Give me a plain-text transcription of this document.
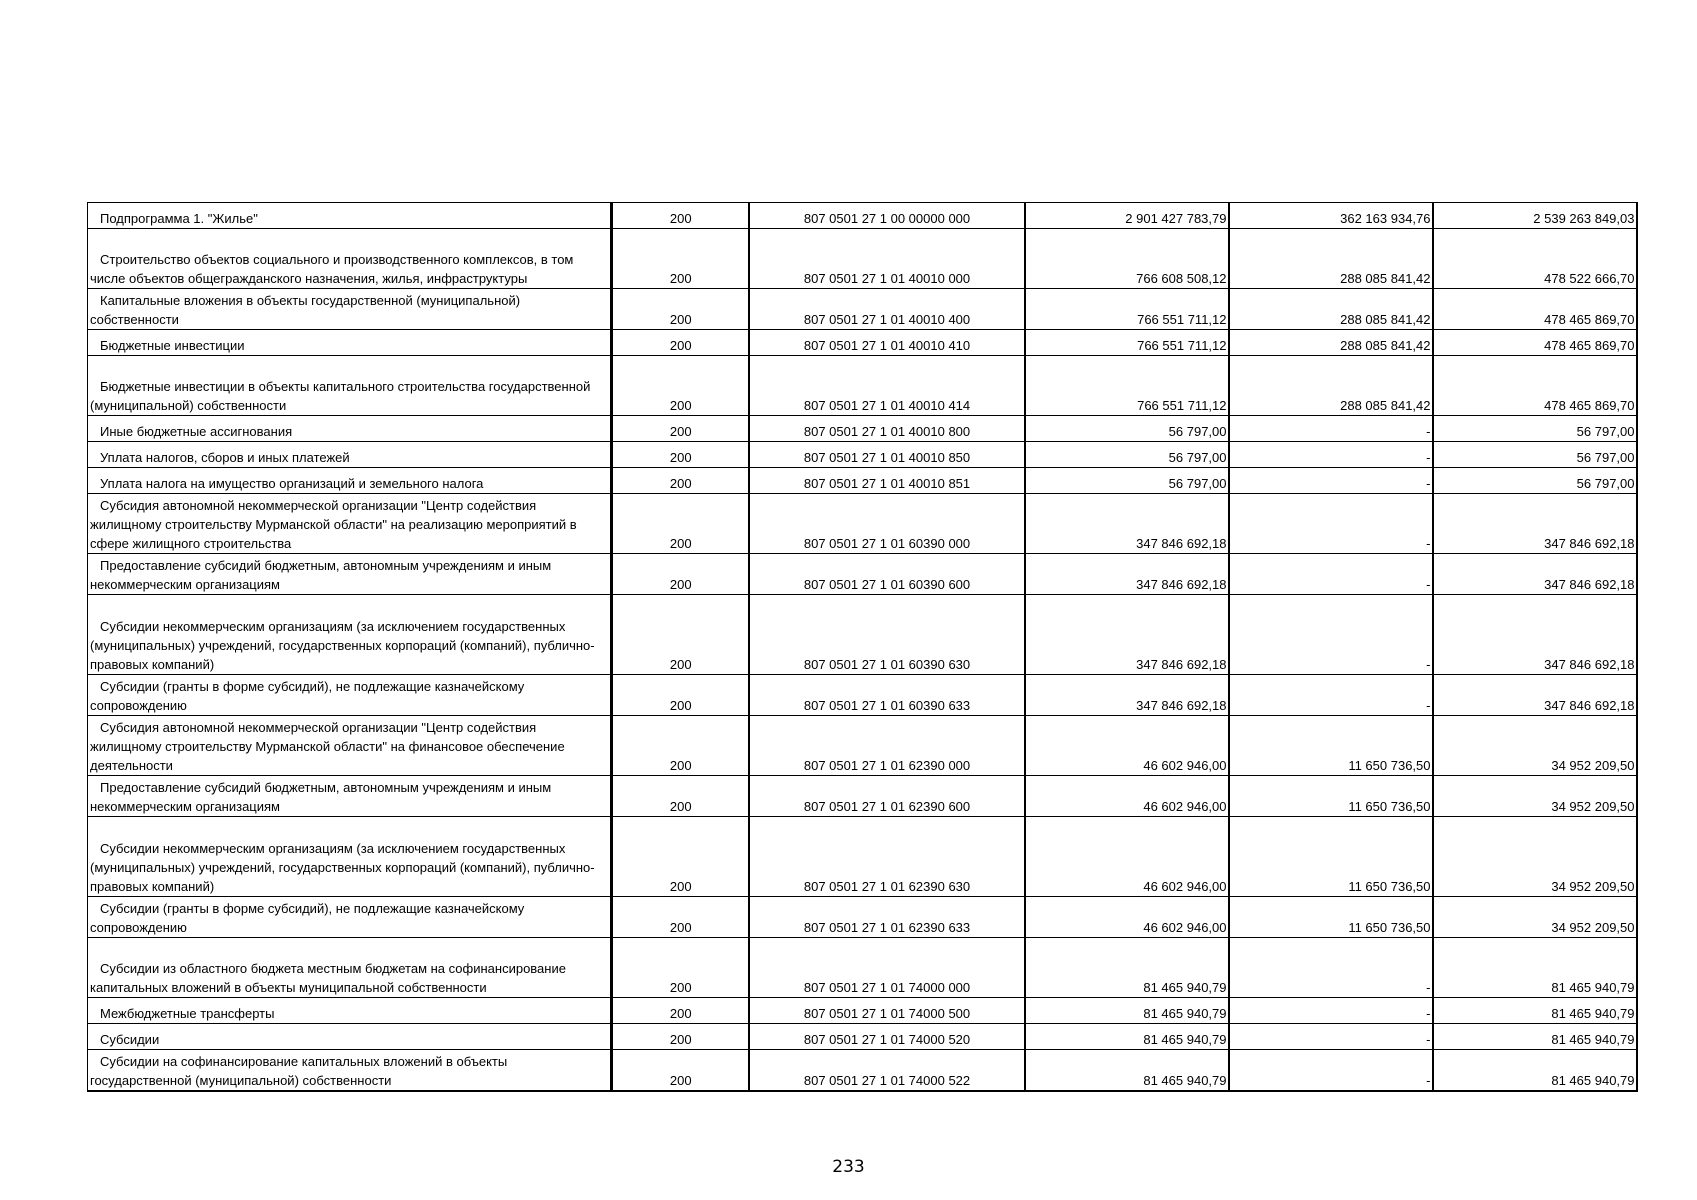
Подпрограмма 1. "Жилье"	200	807 0501 27 1 00 00000 000	2 901 427 783,79	362 163 934,76	2 539 263 849,03

Строительство объектов социального и производственного комплексов, в том числе объектов общегражданского назначения, жилья, инфраструктуры	200	807 0501 27 1 01 40010 000	766 608 508,12	288 085 841,42	478 522 666,70

Капитальные вложения в объекты государственной (муниципальной) собственности	200	807 0501 27 1 01 40010 400	766 551 711,12	288 085 841,42	478 465 869,70

Бюджетные инвестиции	200	807 0501 27 1 01 40010 410	766 551 711,12	288 085 841,42	478 465 869,70

Бюджетные инвестиции в объекты капитального строительства государственной (муниципальной) собственности	200	807 0501 27 1 01 40010 414	766 551 711,12	288 085 841,42	478 465 869,70

Иные бюджетные ассигнования	200	807 0501 27 1 01 40010 800	56 797,00	-	56 797,00

Уплата налогов, сборов и иных платежей	200	807 0501 27 1 01 40010 850	56 797,00	-	56 797,00

Уплата налога на имущество организаций и земельного налога	200	807 0501 27 1 01 40010 851	56 797,00	-	56 797,00

Субсидия автономной некоммерческой организации "Центр содействия жилищному строительству Мурманской области" на реализацию мероприятий в сфере жилищного строительства	200	807 0501 27 1 01 60390 000	347 846 692,18	-	347 846 692,18

Предоставление субсидий бюджетным, автономным учреждениям и иным некоммерческим организациям	200	807 0501 27 1 01 60390 600	347 846 692,18	-	347 846 692,18

Субсидии некоммерческим организациям (за исключением государственных (муниципальных) учреждений, государственных корпораций (компаний), публично-правовых компаний)	200	807 0501 27 1 01 60390 630	347 846 692,18	-	347 846 692,18

Субсидии (гранты в форме субсидий), не подлежащие казначейскому сопровождению	200	807 0501 27 1 01 60390 633	347 846 692,18	-	347 846 692,18

Субсидия автономной некоммерческой организации "Центр содействия жилищному строительству Мурманской области" на финансовое обеспечение деятельности	200	807 0501 27 1 01 62390 000	46 602 946,00	11 650 736,50	34 952 209,50

Предоставление субсидий бюджетным, автономным учреждениям и иным некоммерческим организациям	200	807 0501 27 1 01 62390 600	46 602 946,00	11 650 736,50	34 952 209,50

Субсидии некоммерческим организациям (за исключением государственных (муниципальных) учреждений, государственных корпораций (компаний), публично-правовых компаний)	200	807 0501 27 1 01 62390 630	46 602 946,00	11 650 736,50	34 952 209,50

Субсидии (гранты в форме субсидий), не подлежащие казначейскому сопровождению	200	807 0501 27 1 01 62390 633	46 602 946,00	11 650 736,50	34 952 209,50

Субсидии из областного бюджета местным бюджетам на софинансирование капитальных вложений в объекты муниципальной собственности	200	807 0501 27 1 01 74000 000	81 465 940,79	-	81 465 940,79

Межбюджетные трансферты	200	807 0501 27 1 01 74000 500	81 465 940,79	-	81 465 940,79

Субсидии	200	807 0501 27 1 01 74000 520	81 465 940,79	-	81 465 940,79

Субсидии на софинансирование капитальных вложений в объекты государственной (муниципальной) собственности	200	807 0501 27 1 01 74000 522	81 465 940,79	-	81 465 940,79
233
